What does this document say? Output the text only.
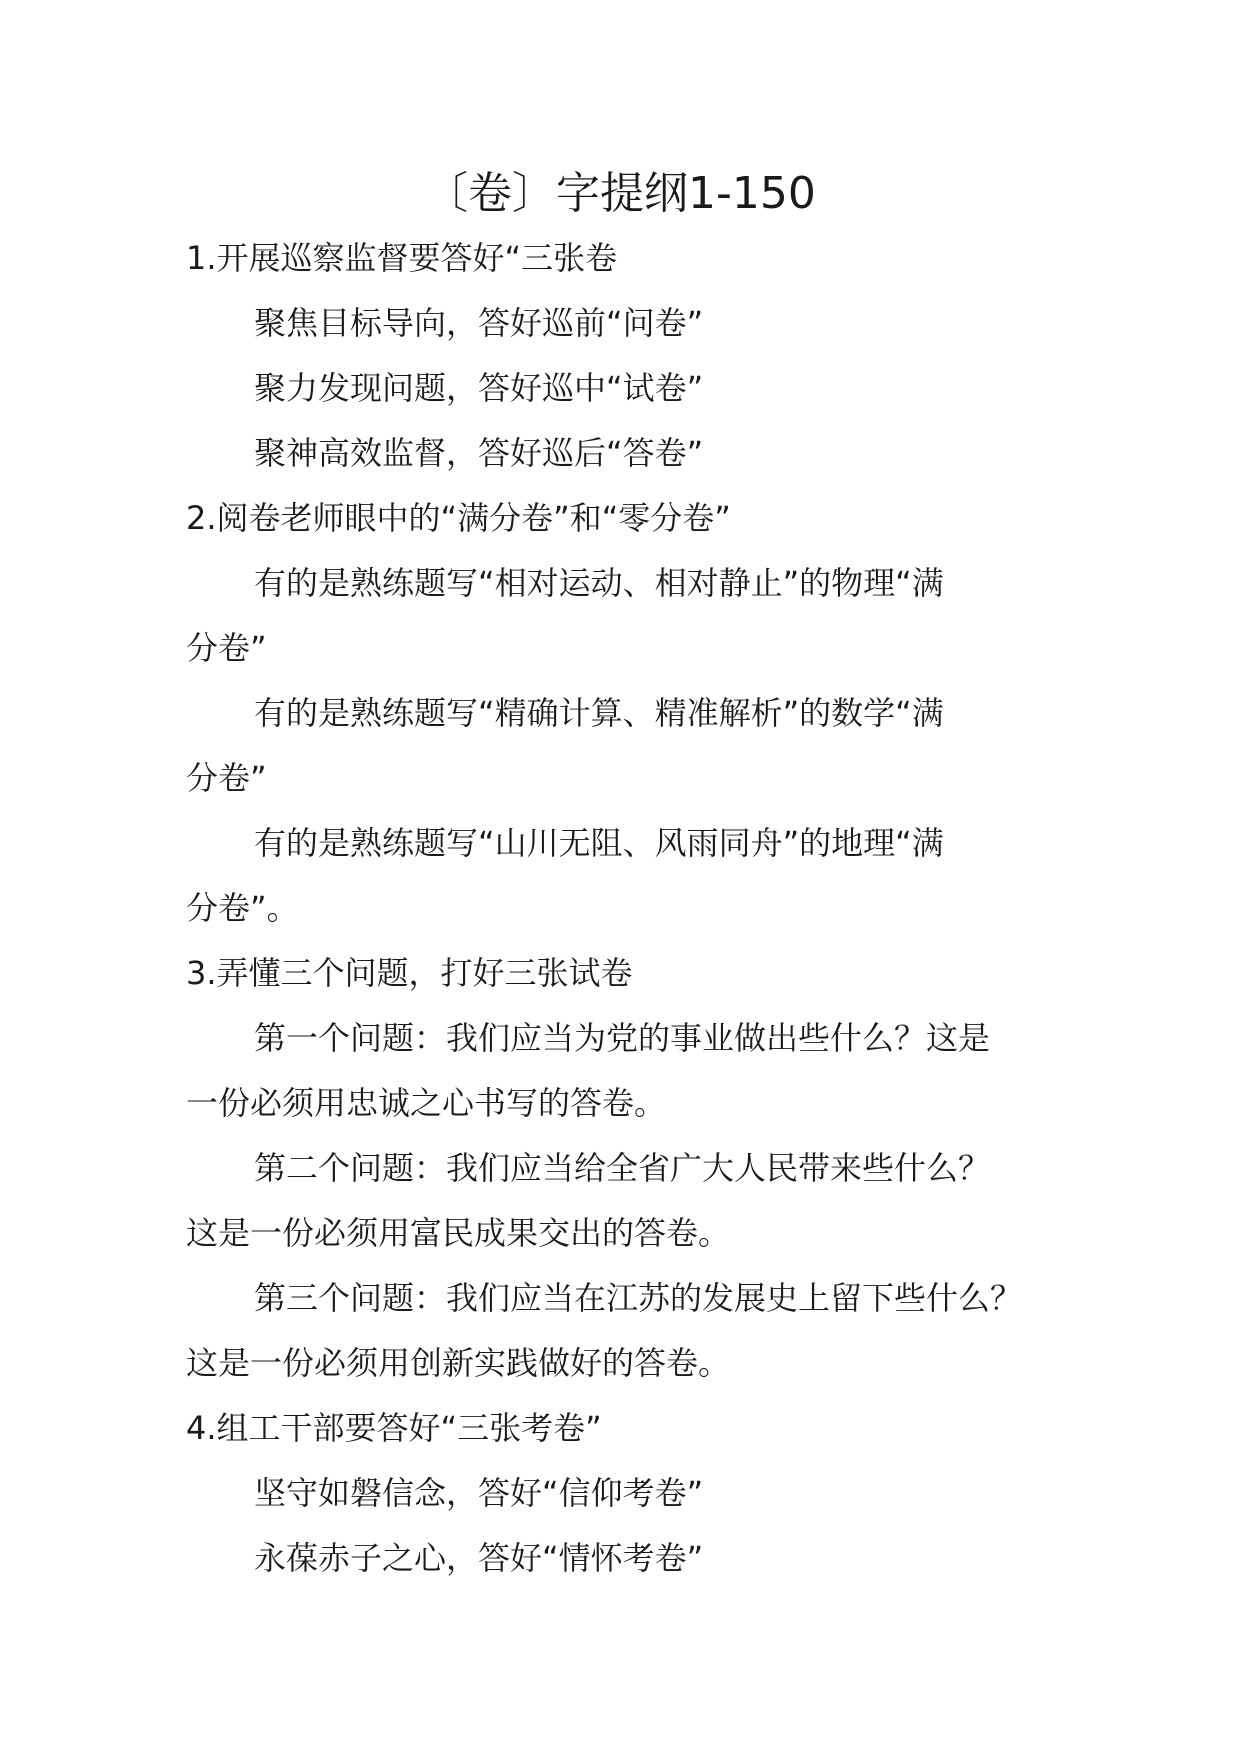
〔卷〕字提纲1-150
1.开展巡察监督要答好“三张卷
聚焦目标导向，答好巡前“问卷”
聚力发现问题，答好巡中“试卷”
聚神高效监督，答好巡后“答卷”
2.阅卷老师眼中的“满分卷”和“零分卷”
有的是熟练题写“相对运动、相对静止”的物理“满
分卷”
有的是熟练题写“精确计算、精准解析”的数学“满
分卷”
有的是熟练题写“山川无阻、风雨同舟”的地理“满
分卷”。
3.弄懂三个问题，打好三张试卷
第一个问题：我们应当为党的事业做出些什么？这是
一份必须用忠诚之心书写的答卷。
第二个问题：我们应当给全省广大人民带来些什么？
这是一份必须用富民成果交出的答卷。
第三个问题：我们应当在江苏的发展史上留下些什么？
这是一份必须用创新实践做好的答卷。
4.组工干部要答好“三张考卷”
坚守如磐信念，答好“信仰考卷”
永葆赤子之心，答好“情怀考卷”
